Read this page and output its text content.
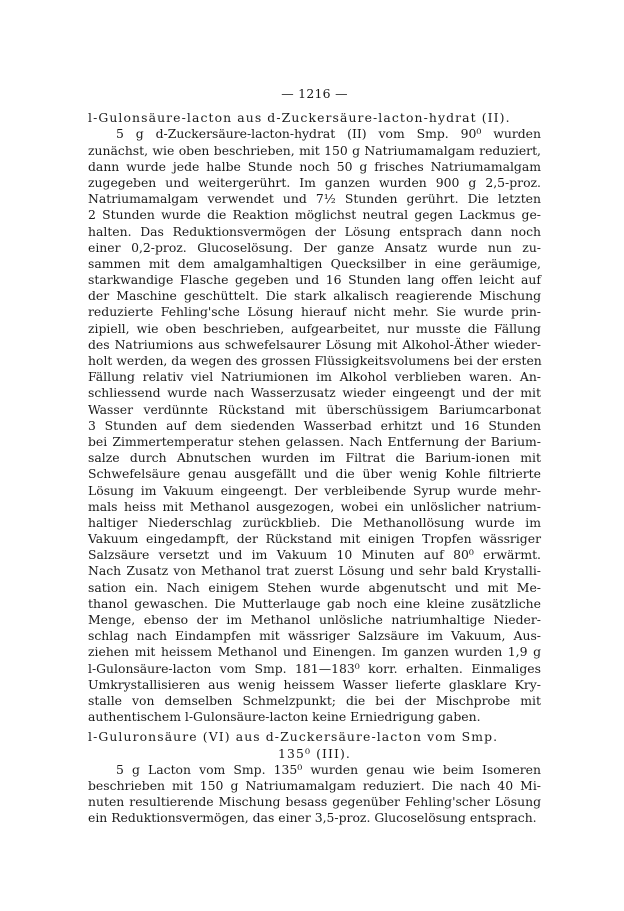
— 1216 —
l-Gulonsäure-lacton aus d-Zuckersäure-lacton-hydrat (II).
5 g d-Zuckersäure-lacton-hydrat (II) vom Smp. 90⁰ wurden
zunächst, wie oben beschrieben, mit 150 g Natriumamalgam reduziert,
dann wurde jede halbe Stunde noch 50 g frisches Natriumamalgam
zugegeben und weitergerührt. Im ganzen wurden 900 g 2,5-proz.
Natriumamalgam verwendet und 7½ Stunden gerührt. Die letzten
2 Stunden wurde die Reaktion möglichst neutral gegen Lackmus ge-
halten. Das Reduktionsvermögen der Lösung entsprach dann noch
einer 0,2-proz. Glucoselösung. Der ganze Ansatz wurde nun zu-
sammen mit dem amalgamhaltigen Quecksilber in eine geräumige,
starkwandige Flasche gegeben und 16 Stunden lang offen leicht auf
der Maschine geschüttelt. Die stark alkalisch reagierende Mischung
reduzierte Fehling'sche Lösung hierauf nicht mehr. Sie wurde prin-
zipiell, wie oben beschrieben, aufgearbeitet, nur musste die Fällung
des Natriumions aus schwefelsaurer Lösung mit Alkohol-Äther wieder-
holt werden, da wegen des grossen Flüssigkeitsvolumens bei der ersten
Fällung relativ viel Natriumionen im Alkohol verblieben waren. An-
schliessend wurde nach Wasserzusatz wieder eingeengt und der mit
Wasser verdünnte Rückstand mit überschüssigem Bariumcarbonat
3 Stunden auf dem siedenden Wasserbad erhitzt und 16 Stunden
bei Zimmertemperatur stehen gelassen. Nach Entfernung der Barium-
salze durch Abnutschen wurden im Filtrat die Barium-ionen mit
Schwefelsäure genau ausgefällt und die über wenig Kohle filtrierte
Lösung im Vakuum eingeengt. Der verbleibende Syrup wurde mehr-
mals heiss mit Methanol ausgezogen, wobei ein unlöslicher natrium-
haltiger Niederschlag zurückblieb. Die Methanollösung wurde im
Vakuum eingedampft, der Rückstand mit einigen Tropfen wässriger
Salzsäure versetzt und im Vakuum 10 Minuten auf 80⁰ erwärmt.
Nach Zusatz von Methanol trat zuerst Lösung und sehr bald Krystalli-
sation ein. Nach einigem Stehen wurde abgenutscht und mit Me-
thanol gewaschen. Die Mutterlauge gab noch eine kleine zusätzliche
Menge, ebenso der im Methanol unlösliche natriumhaltige Nieder-
schlag nach Eindampfen mit wässriger Salzsäure im Vakuum, Aus-
ziehen mit heissem Methanol und Einengen. Im ganzen wurden 1,9 g
l-Gulonsäure-lacton vom Smp. 181—183⁰ korr. erhalten. Einmaliges
Umkrystallisieren aus wenig heissem Wasser lieferte glasklare Kry-
stalle von demselben Schmelzpunkt; die bei der Mischprobe mit
authentischem l-Gulonsäure-lacton keine Erniedrigung gaben.
l-Guluronsäure (VI) aus d-Zuckersäure-lacton vom Smp.
135⁰ (III).
5 g Lacton vom Smp. 135⁰ wurden genau wie beim Isomeren
beschrieben mit 150 g Natriumamalgam reduziert. Die nach 40 Mi-
nuten resultierende Mischung besass gegenüber Fehling'scher Lösung
ein Reduktionsvermögen, das einer 3,5-proz. Glucoselösung entsprach.
